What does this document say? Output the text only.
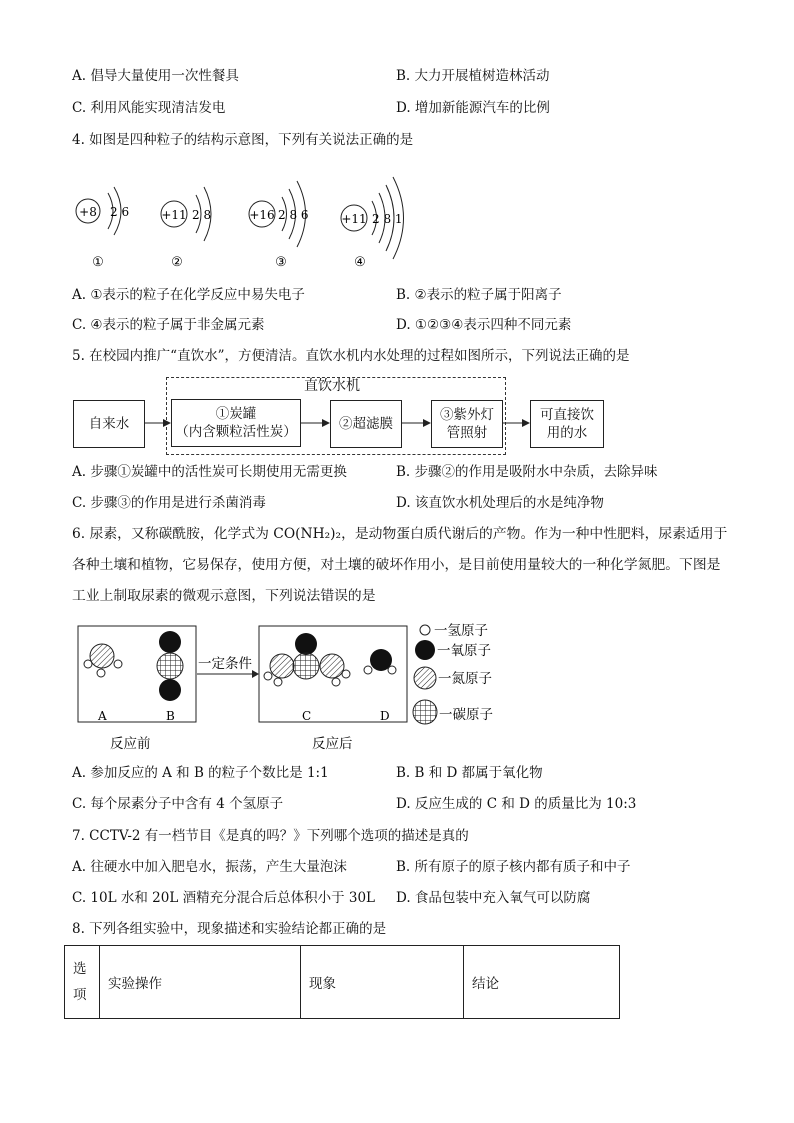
A. 倡导大量使用一次性餐具	B. 大力开展植树造林活动
C. 利用风能实现清洁发电	D. 增加新能源汽车的比例
4. 如图是四种粒子的结构示意图，下列有关说法正确的是
+8 2 6	+11 2 8	+16 2 8 6	+11 2 8 1
①	②	③	④
A. ①表示的粒子在化学反应中易失电子	B. ②表示的粒子属于阳离子
C. ④表示的粒子属于非金属元素	D. ①②③④表示四种不同元素
5. 在校园内推广“直饮水”，方便清洁。直饮水机内水处理的过程如图所示，下列说法正确的是
直饮水机
自来水
①炭罐
（内含颗粒活性炭）	②超滤膜
③紫外灯
管照射
可直接饮
用的水
A. 步骤①炭罐中的活性炭可长期使用无需更换	B. 步骤②的作用是吸附水中杂质，去除异味
C. 步骤③的作用是进行杀菌消毒	D. 该直饮水机处理后的水是纯净物
6. 尿素，又称碳酰胺，化学式为 CO(NH₂)₂，是动物蛋白质代谢后的产物。作为一种中性肥料，尿素适用于各种土壤和植物，它易保存，使用方便，对土壤的破坏作用小，是目前使用量较大的一种化学氮肥。下图是工业上制取尿素的微观示意图，下列说法错误的是
一定条件
A	B	C	D
反应前	反应后
一氢原子
一氧原子
一氮原子
一碳原子
A. 参加反应的 A 和 B 的粒子个数比是 1:1	B. B 和 D 都属于氧化物
C. 每个尿素分子中含有 4 个氢原子	D. 反应生成的 C 和 D 的质量比为 10:3
7. CCTV-2 有一档节目《是真的吗？》下列哪个选项的描述是真的
A. 往硬水中加入肥皂水，振荡，产生大量泡沫	B. 所有原子的原子核内都有质子和中子
C. 10L 水和 20L 酒精充分混合后总体积小于 30L D. 食品包装中充入氧气可以防腐
8. 下列各组实验中，现象描述和实验结论都正确的是
选
项	实验操作	现象	结论
